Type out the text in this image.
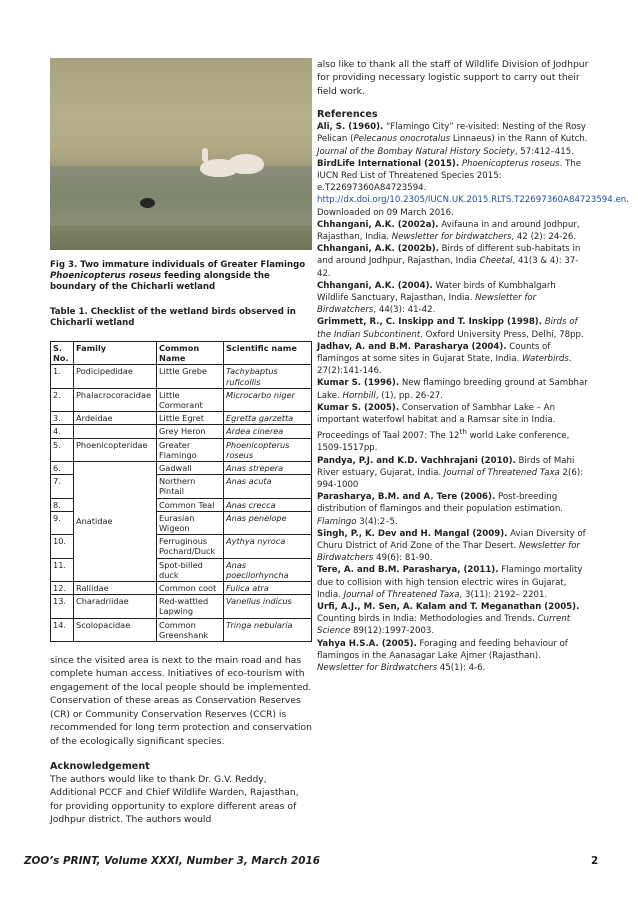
Fig 3. Two immature individuals of Greater Flamingo Phoenicopterus roseus feeding alongside the boundary of the Chicharli wetland
Table 1. Checklist of the wetland birds observed in Chicharli wetland
S. No.	Family	Common Name	Scientific name
1.	Podicipedidae	Little Grebe	Tachybaptus ruficollis
2.	Phalacrocoracidae	Little Cormorant	Microcarbo niger
3.	Ardeidae	Little Egret	Egretta garzetta
4.		Grey Heron	Ardea cinerea
5.	Phoenicopteridae	Greater Flamingo	Phoenicopterus roseus
6.	Anatidae	Gadwall	Anas strepera
7.		Northern Pintail	Anas acuta
8.		Common Teal	Anas crecca
9.		Eurasian Wigeon	Anas penelope
10.		Ferruginous Pochard/Duck	Aythya nyroca
11.		Spot-billed duck	Anas poecilorhyncha
12.	Rallidae	Common coot	Fulica atra
13.	Charadriidae	Red-wattled Lapwing	Vanellus indicus
14.	Scolopacidae	Common Greenshank	Tringa nebularia

since the visited area is next to the main road and has complete human access. Initiatives of eco-tourism with engagement of the local people should be implemented. Conservation of these areas as Conservation Reserves (CR) or Community Conservation Reserves (CCR) is recommended for long term protection and conservation of the ecologically significant species.

Acknowledgement

The authors would like to thank Dr. G.V. Reddy, Additional PCCF and Chief Wildlife Warden, Rajasthan, for providing opportunity to explore different areas of Jodhpur district. The authors would

also like to thank all the staff of Wildlife Division of Jodhpur for providing necessary logistic support to carry out their field work.

References

Ali, S. (1960). “Flamingo City” re-visited: Nesting of the Rosy Pelican (Pelecanus onocrotalus Linnaeus) in the Rann of Kutch. Journal of the Bombay Natural History Society, 57:412–415.

BirdLife International (2015). Phoenicopterus roseus. The IUCN Red List of Threatened Species 2015: e.T22697360A84723594. http://dx.doi.org/10.2305/IUCN.UK.2015.RLTS.T22697360A84723594.en. Downloaded on 09 March 2016.

Chhangani, A.K. (2002a). Avifauna in and around Jodhpur, Rajasthan, India. Newsletter for birdwatchers, 42 (2): 24-26.

Chhangani, A.K. (2002b). Birds of different sub-habitats in and around Jodhpur, Rajasthan, India Cheetal, 41(3 & 4): 37-42.

Chhangani, A.K. (2004). Water birds of Kumbhalgarh Wildlife Sanctuary, Rajasthan, India. Newsletter for Birdwatchers, 44(3): 41-42.

Grimmett, R., C. Inskipp and T. Inskipp (1998). Birds of the Indian Subcontinent. Oxford University Press, Delhi, 78pp.

Jadhav, A. and B.M. Parasharya (2004). Counts of flamingos at some sites in Gujarat State, India. Waterbirds. 27(2):141-146.

Kumar S. (1996). New flamingo breeding ground at Sambhar Lake. Hornbill, (1), pp. 26-27.

Kumar S. (2005). Conservation of Sambhar Lake – An important waterfowl habitat and a Ramsar site in India. Proceedings of Taal 2007: The 12th world Lake conference, 1509-1517pp.

Pandya, P.J. and K.D. Vachhrajani (2010). Birds of Mahi River estuary, Gujarat, India. Journal of Threatened Taxa 2(6): 994-1000

Parasharya, B.M. and A. Tere (2006). Post-breeding distribution of flamingos and their population estimation. Flamingo 3(4):2–5.

Singh, P., K. Dev and H. Mangal (2009). Avian Diversity of Churu District of Arid Zone of the Thar Desert. Newsletter for Birdwatchers 49(6): 81-90.

Tere, A. and B.M. Parasharya, (2011). Flamingo mortality due to collision with high tension electric wires in Gujarat, India. Journal of Threatened Taxa, 3(11): 2192– 2201.

Urfi, A.J., M. Sen, A. Kalam and T. Meganathan (2005). Counting birds in India: Methodologies and Trends. Current Science 89(12):1997-2003.

Yahya H.S.A. (2005). Foraging and feeding behaviour of flamingos in the Aanasagar Lake Ajmer (Rajasthan). Newsletter for Birdwatchers 45(1): 4-6.

ZOO’s PRINT, Volume XXXI, Number 3, March 2016	2
